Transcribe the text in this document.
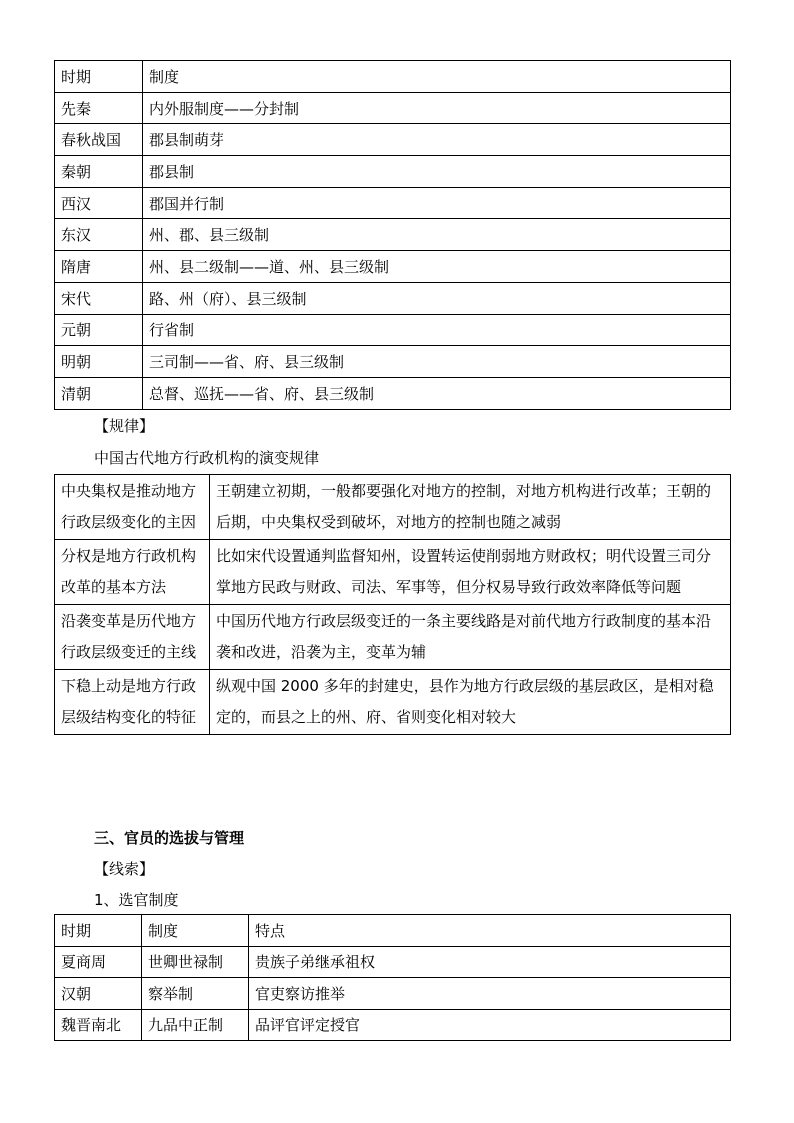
时期	制度
先秦	内外服制度——分封制
春秋战国	郡县制萌芽
秦朝	郡县制
西汉	郡国并行制
东汉	州、郡、县三级制
隋唐	州、县二级制——道、州、县三级制
宋代	路、州（府）、县三级制
元朝	行省制
明朝	三司制——省、府、县三级制
清朝	总督、巡抚——省、府、县三级制
【规律】
中国古代地方行政机构的演变规律
中央集权是推动地方行政层级变化的主因	王朝建立初期，一般都要强化对地方的控制，对地方机构进行改革；王朝的后期，中央集权受到破坏，对地方的控制也随之减弱
分权是地方行政机构改革的基本方法	比如宋代设置通判监督知州，设置转运使削弱地方财政权；明代设置三司分掌地方民政与财政、司法、军事等，但分权易导致行政效率降低等问题
沿袭变革是历代地方行政层级变迁的主线	中国历代地方行政层级变迁的一条主要线路是对前代地方行政制度的基本沿袭和改进，沿袭为主，变革为辅
下稳上动是地方行政层级结构变化的特征	纵观中国 2000 多年的封建史，县作为地方行政层级的基层政区，是相对稳定的，而县之上的州、府、省则变化相对较大
三、官员的选拔与管理
【线索】
1、选官制度
时期	制度	特点
夏商周	世卿世禄制	贵族子弟继承祖权
汉朝	察举制	官吏察访推举
魏晋南北	九品中正制	品评官评定授官
